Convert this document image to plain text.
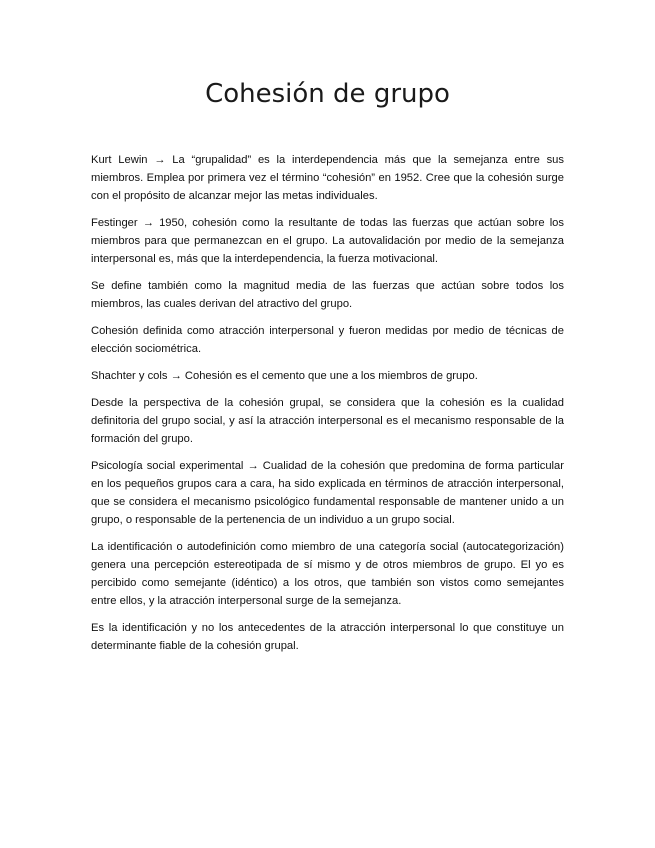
Cohesión de grupo

Kurt Lewin → La “grupalidad” es la interdependencia más que la semejanza entre sus miembros. Emplea por primera vez el término “cohesión” en 1952. Cree que la cohesión surge con el propósito de alcanzar mejor las metas individuales.

Festinger → 1950, cohesión como la resultante de todas las fuerzas que actúan sobre los miembros para que permanezcan en el grupo. La autovalidación por medio de la semejanza interpersonal es, más que la interdependencia, la fuerza motivacional.

Se define también como la magnitud media de las fuerzas que actúan sobre todos los miembros, las cuales derivan del atractivo del grupo.

Cohesión definida como atracción interpersonal y fueron medidas por medio de técnicas de elección sociométrica.

Shachter y cols → Cohesión es el cemento que une a los miembros de grupo.

Desde la perspectiva de la cohesión grupal, se considera que la cohesión es la cualidad definitoria del grupo social, y así la atracción interpersonal es el mecanismo responsable de la formación del grupo.

Psicología social experimental → Cualidad de la cohesión que predomina de forma particular en los pequeños grupos cara a cara, ha sido explicada en términos de atracción interpersonal, que se considera el mecanismo psicológico fundamental responsable de mantener unido a un grupo, o responsable de la pertenencia de un individuo a un grupo social.

La identificación o autodefinición como miembro de una categoría social (autocategorización) genera una percepción estereotipada de sí mismo y de otros miembros de grupo. El yo es percibido como semejante (idéntico) a los otros, que también son vistos como semejantes entre ellos, y la atracción interpersonal surge de la semejanza.

Es la identificación y no los antecedentes de la atracción interpersonal lo que constituye un determinante fiable de la cohesión grupal.
